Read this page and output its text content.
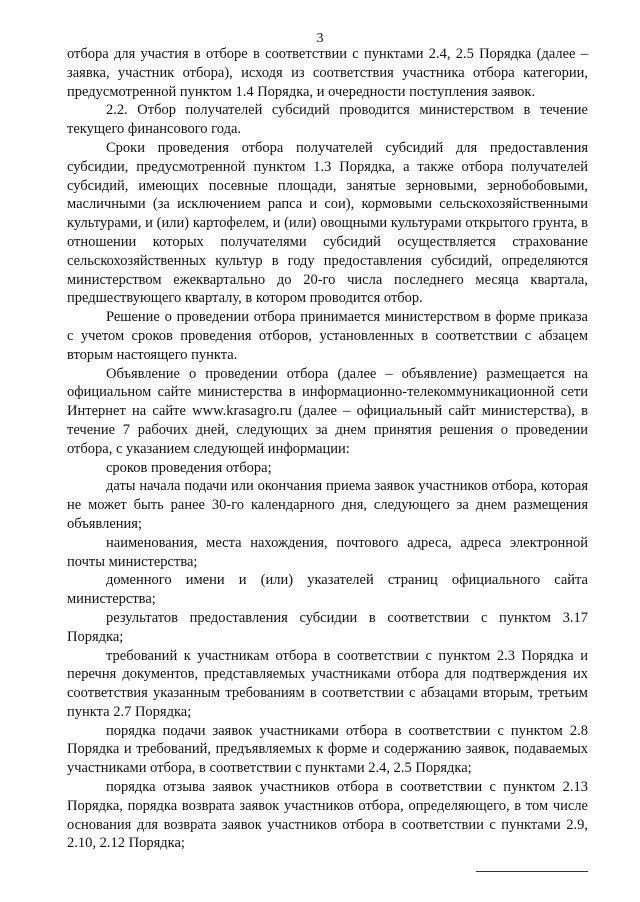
3

отбора для участия в отборе в соответствии с пунктами 2.4, 2.5 Порядка (далее – заявка, участник отбора), исходя из соответствия участника отбора категории, предусмотренной пунктом 1.4 Порядка, и очередности поступления заявок.

2.2. Отбор получателей субсидий проводится министерством в течение текущего финансового года.

Сроки проведения отбора получателей субсидий для предоставления субсидии, предусмотренной пунктом 1.3 Порядка, а также отбора получателей субсидий, имеющих посевные площади, занятые зерновыми, зернобобовыми, масличными (за исключением рапса и сои), кормовыми сельскохозяйственными культурами, и (или) картофелем, и (или) овощными культурами открытого грунта, в отношении которых получателями субсидий осуществляется страхование сельскохозяйственных культур в году предоставления субсидий, определяются министерством ежеквартально до 20-го числа последнего месяца квартала, предшествующего кварталу, в котором проводится отбор.

Решение о проведении отбора принимается министерством в форме приказа с учетом сроков проведения отборов, установленных в соответствии с абзацем вторым настоящего пункта.

Объявление о проведении отбора (далее – объявление) размещается на официальном сайте министерства в информационно-телекоммуникационной сети Интернет на сайте www.krasagro.ru (далее – официальный сайт министерства), в течение 7 рабочих дней, следующих за днем принятия решения о проведении отбора, с указанием следующей информации:

сроков проведения отбора;

даты начала подачи или окончания приема заявок участников отбора, которая не может быть ранее 30-го календарного дня, следующего за днем размещения объявления;

наименования, места нахождения, почтового адреса, адреса электронной почты министерства;

доменного имени и (или) указателей страниц официального сайта министерства;

результатов предоставления субсидии в соответствии с пунктом 3.17 Порядка;

требований к участникам отбора в соответствии с пунктом 2.3 Порядка и перечня документов, представляемых участниками отбора для подтверждения их соответствия указанным требованиям в соответствии с абзацами вторым, третьим пункта 2.7 Порядка;

порядка подачи заявок участниками отбора в соответствии с пунктом 2.8 Порядка и требований, предъявляемых к форме и содержанию заявок, подаваемых участниками отбора, в соответствии с пунктами 2.4, 2.5 Порядка;

порядка отзыва заявок участников отбора в соответствии с пунктом 2.13 Порядка, порядка возврата заявок участников отбора, определяющего, в том числе основания для возврата заявок участников отбора в соответствии с пунктами 2.9, 2.10, 2.12 Порядка;
